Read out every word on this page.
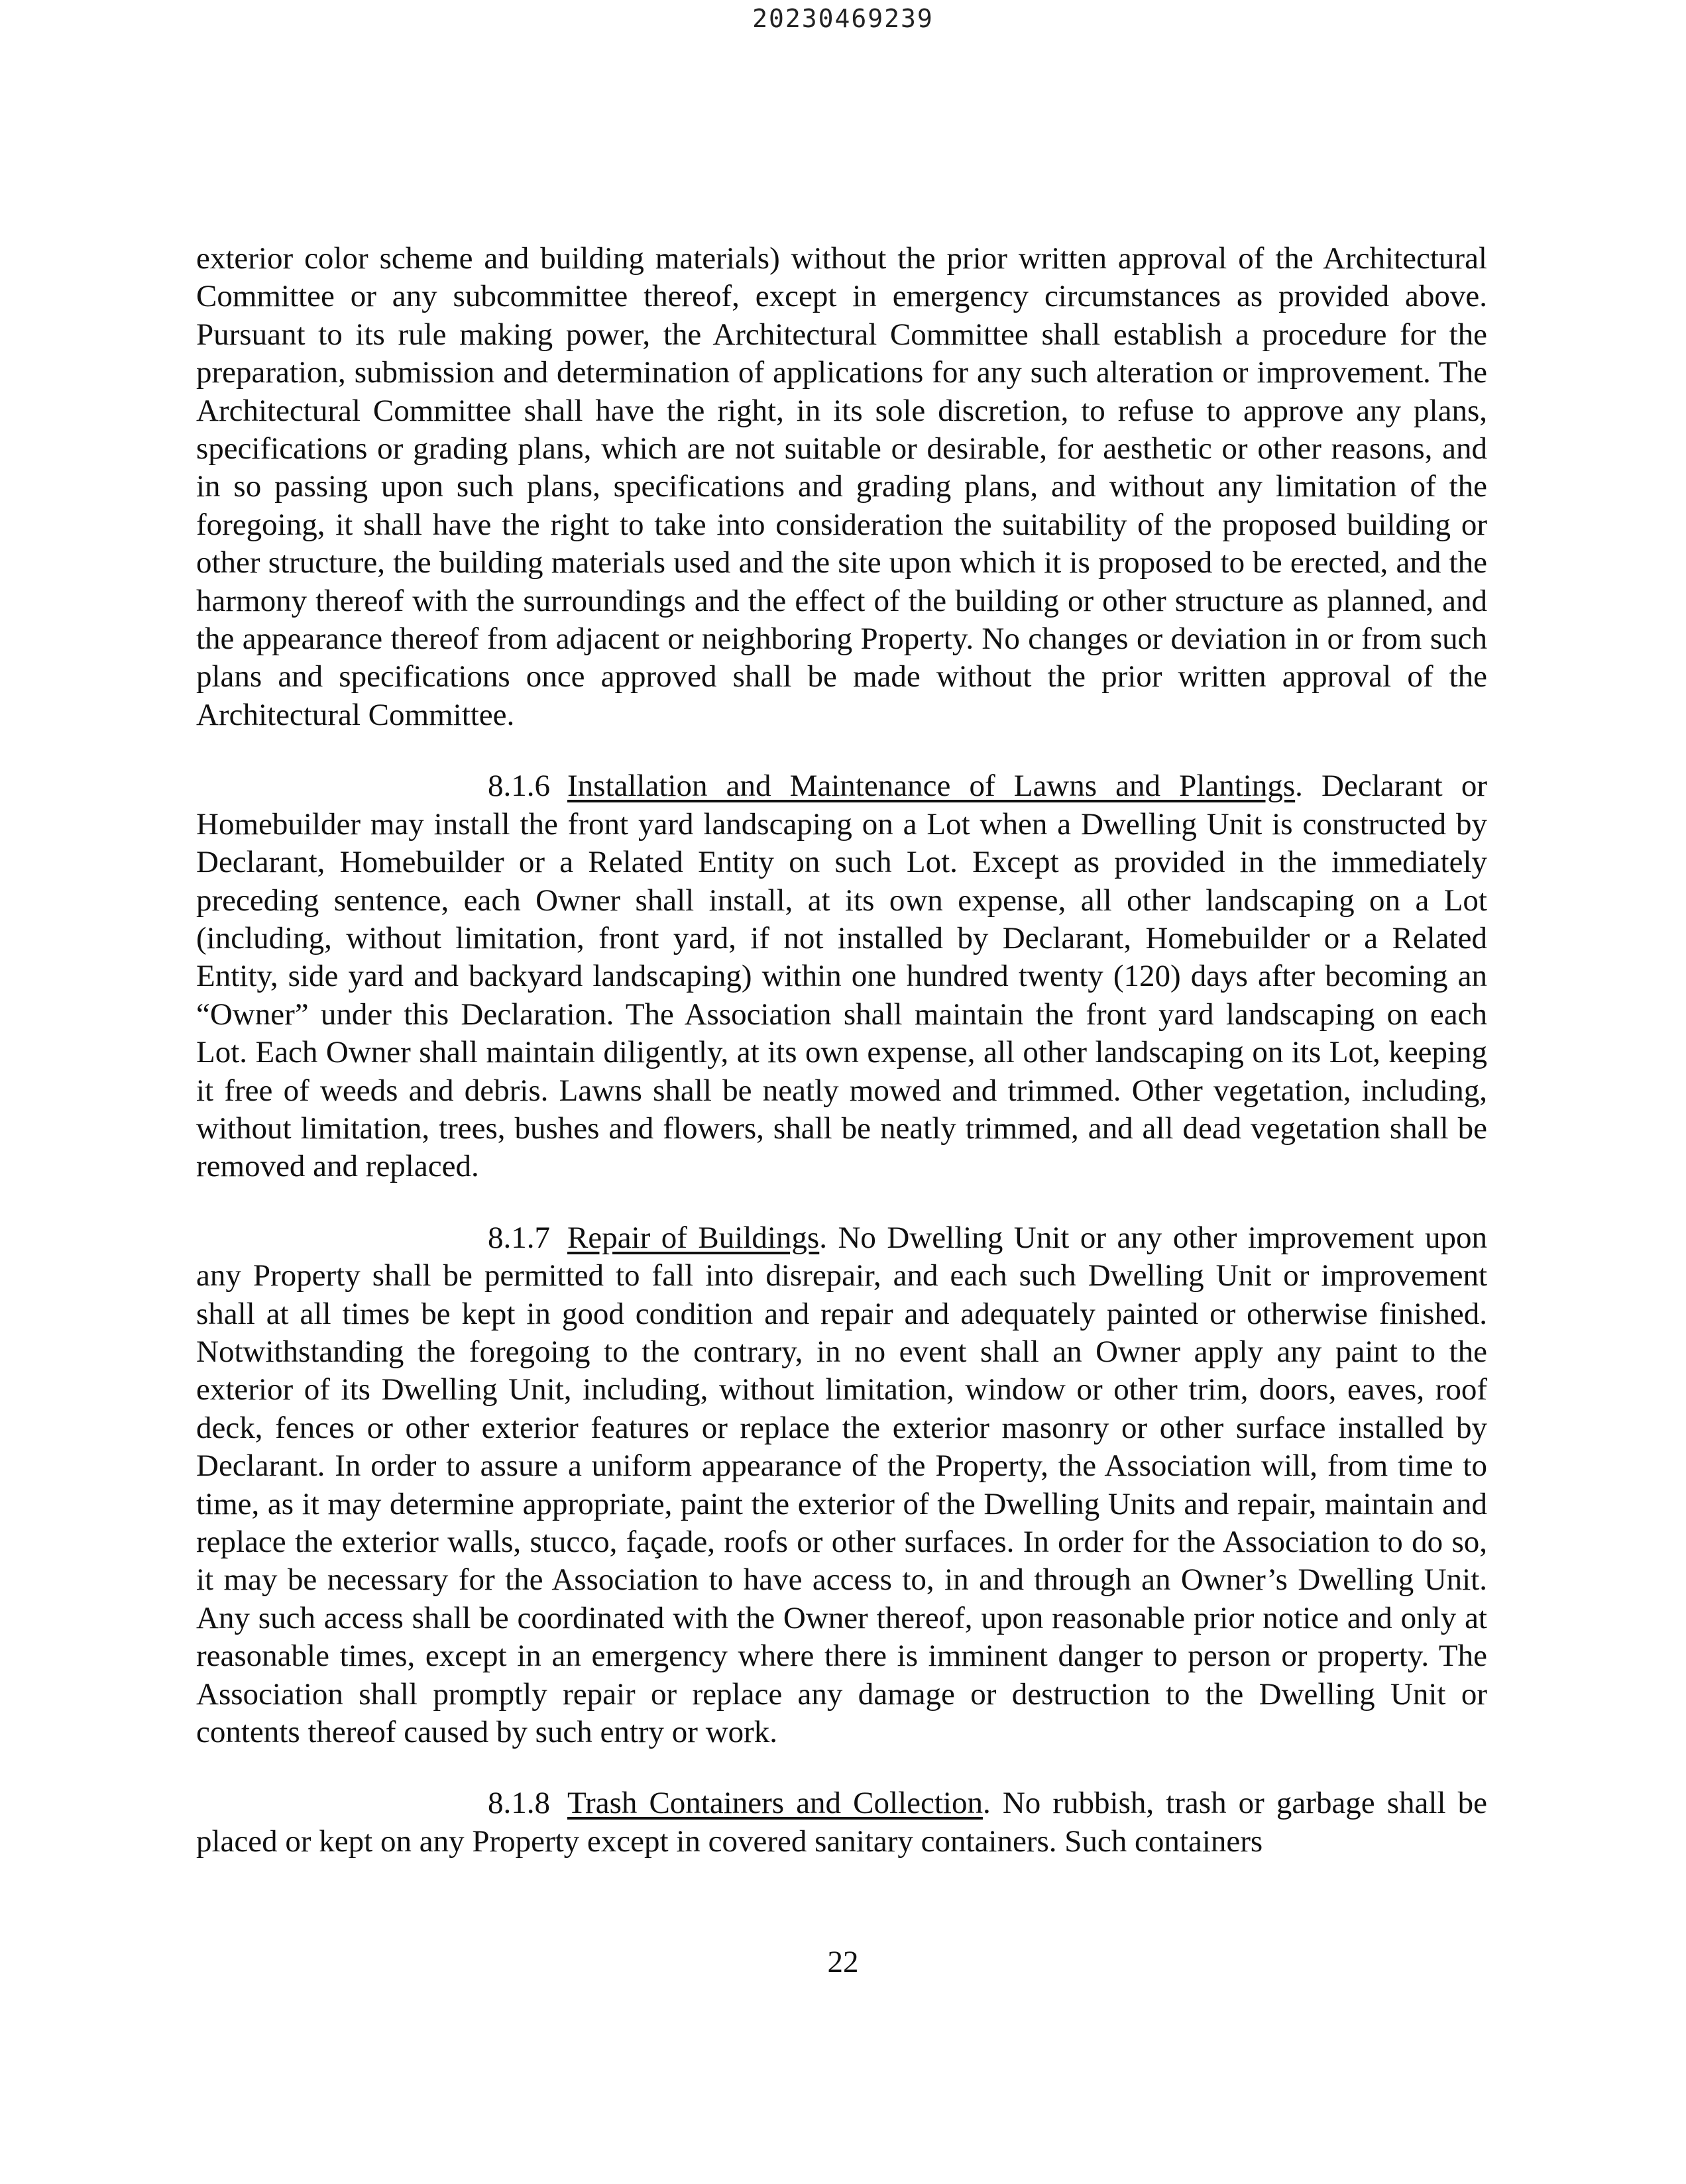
20230469239

exterior color scheme and building materials) without the prior written approval of the Architectural Committee or any subcommittee thereof, except in emergency circumstances as provided above. Pursuant to its rule making power, the Architectural Committee shall establish a procedure for the preparation, submission and determination of applications for any such alteration or improvement. The Architectural Committee shall have the right, in its sole discretion, to refuse to approve any plans, specifications or grading plans, which are not suitable or desirable, for aesthetic or other reasons, and in so passing upon such plans, specifications and grading plans, and without any limitation of the foregoing, it shall have the right to take into consideration the suitability of the proposed building or other structure, the building materials used and the site upon which it is proposed to be erected, and the harmony thereof with the surroundings and the effect of the building or other structure as planned, and the appearance thereof from adjacent or neighboring Property. No changes or deviation in or from such plans and specifications once approved shall be made without the prior written approval of the Architectural Committee.

8.1.6 Installation and Maintenance of Lawns and Plantings. Declarant or Homebuilder may install the front yard landscaping on a Lot when a Dwelling Unit is constructed by Declarant, Homebuilder or a Related Entity on such Lot. Except as provided in the immediately preceding sentence, each Owner shall install, at its own expense, all other landscaping on a Lot (including, without limitation, front yard, if not installed by Declarant, Homebuilder or a Related Entity, side yard and backyard landscaping) within one hundred twenty (120) days after becoming an “Owner” under this Declaration. The Association shall maintain the front yard landscaping on each Lot. Each Owner shall maintain diligently, at its own expense, all other landscaping on its Lot, keeping it free of weeds and debris. Lawns shall be neatly mowed and trimmed. Other vegetation, including, without limitation, trees, bushes and flowers, shall be neatly trimmed, and all dead vegetation shall be removed and replaced.

8.1.7 Repair of Buildings. No Dwelling Unit or any other improvement upon any Property shall be permitted to fall into disrepair, and each such Dwelling Unit or improvement shall at all times be kept in good condition and repair and adequately painted or otherwise finished. Notwithstanding the foregoing to the contrary, in no event shall an Owner apply any paint to the exterior of its Dwelling Unit, including, without limitation, window or other trim, doors, eaves, roof deck, fences or other exterior features or replace the exterior masonry or other surface installed by Declarant. In order to assure a uniform appearance of the Property, the Association will, from time to time, as it may determine appropriate, paint the exterior of the Dwelling Units and repair, maintain and replace the exterior walls, stucco, façade, roofs or other surfaces. In order for the Association to do so, it may be necessary for the Association to have access to, in and through an Owner’s Dwelling Unit. Any such access shall be coordinated with the Owner thereof, upon reasonable prior notice and only at reasonable times, except in an emergency where there is imminent danger to person or property. The Association shall promptly repair or replace any damage or destruction to the Dwelling Unit or contents thereof caused by such entry or work.

8.1.8 Trash Containers and Collection. No rubbish, trash or garbage shall be placed or kept on any Property except in covered sanitary containers. Such containers

22
